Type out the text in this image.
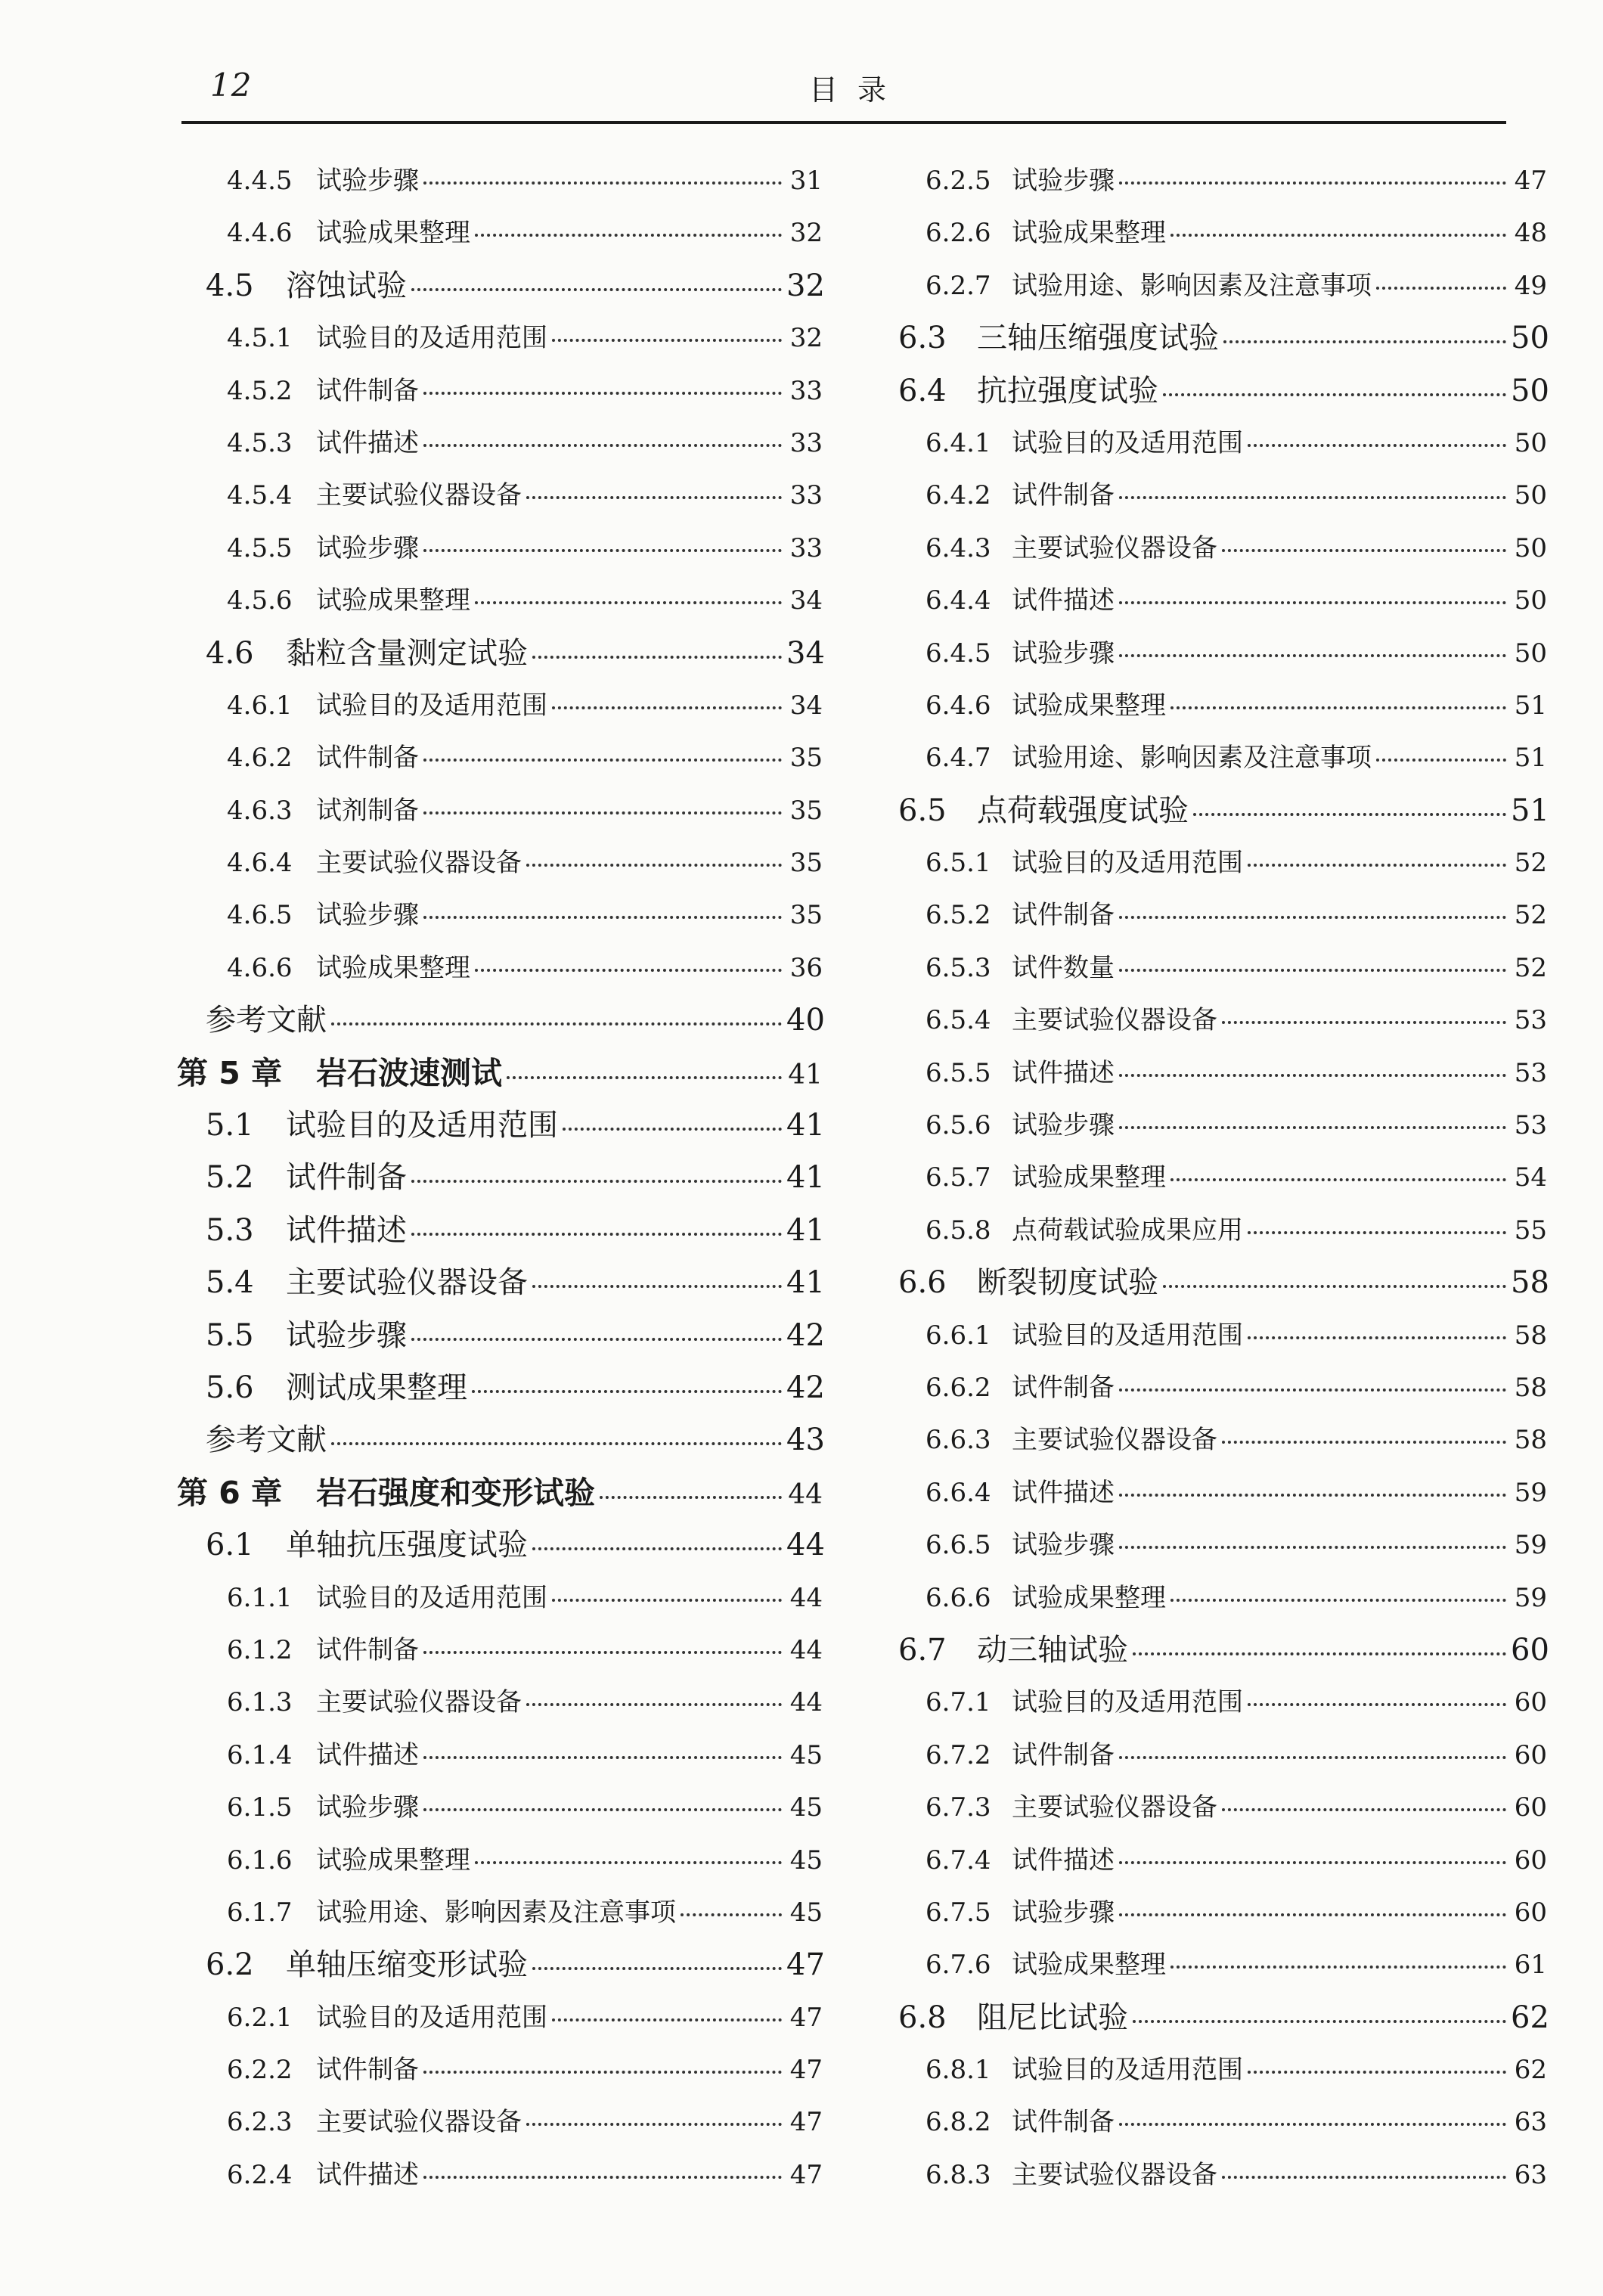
12	目录
4.4.5 试验步骤	31
4.4.6 试验成果整理	32
4.5	溶蚀试验	32
4.5.1 试验目的及适用范围	32
4.5.2 试件制备	33
4.5.3 试件描述	33
4.5.4 主要试验仪器设备	33
4.5.5 试验步骤	33
4.5.6 试验成果整理	34
4.6	黏粒含量测定试验	34
4.6.1 试验目的及适用范围	34
4.6.2 试件制备	35
4.6.3 试剂制备	35
4.6.4 主要试验仪器设备	35
4.6.5 试验步骤	35
4.6.6 试验成果整理	36
参考文献	40
第 5 章	岩石波速测试	41
5.1	试验目的及适用范围	41
5.2	试件制备	41
5.3	试件描述	41
5.4	主要试验仪器设备	41
5.5	试验步骤	42
5.6	测试成果整理	42
参考文献	43
第 6 章	岩石强度和变形试验	44
6.1	单轴抗压强度试验	44
6.1.1 试验目的及适用范围	44
6.1.2 试件制备	44
6.1.3 主要试验仪器设备	44
6.1.4 试件描述	45
6.1.5 试验步骤	45
6.1.6 试验成果整理	45
6.1.7 试验用途、影响因素及注意事项	45
6.2	单轴压缩变形试验	47
6.2.1 试验目的及适用范围	47
6.2.2 试件制备	47
6.2.3 主要试验仪器设备	47
6.2.4 试件描述	47
6.2.5 试验步骤	47
6.2.6 试验成果整理	48
6.2.7 试验用途、影响因素及注意事项	49
6.3	三轴压缩强度试验	50
6.4	抗拉强度试验	50
6.4.1 试验目的及适用范围	50
6.4.2 试件制备	50
6.4.3 主要试验仪器设备	50
6.4.4 试件描述	50
6.4.5 试验步骤	50
6.4.6 试验成果整理	51
6.4.7 试验用途、影响因素及注意事项	51
6.5	点荷载强度试验	51
6.5.1 试验目的及适用范围	52
6.5.2 试件制备	52
6.5.3 试件数量	52
6.5.4 主要试验仪器设备	53
6.5.5 试件描述	53
6.5.6 试验步骤	53
6.5.7 试验成果整理	54
6.5.8 点荷载试验成果应用	55
6.6	断裂韧度试验	58
6.6.1 试验目的及适用范围	58
6.6.2 试件制备	58
6.6.3 主要试验仪器设备	58
6.6.4 试件描述	59
6.6.5 试验步骤	59
6.6.6 试验成果整理	59
6.7	动三轴试验	60
6.7.1 试验目的及适用范围	60
6.7.2 试件制备	60
6.7.3 主要试验仪器设备	60
6.7.4 试件描述	60
6.7.5 试验步骤	60
6.7.6 试验成果整理	61
6.8	阻尼比试验	62
6.8.1 试验目的及适用范围	62
6.8.2 试件制备	63
6.8.3 主要试验仪器设备	63
